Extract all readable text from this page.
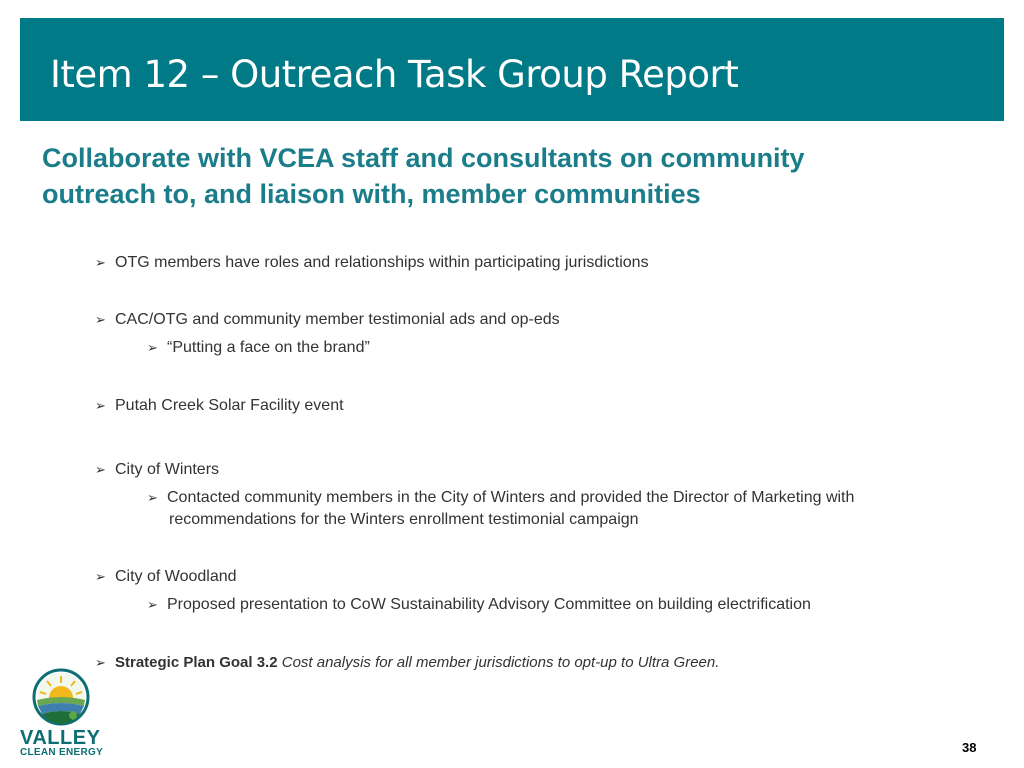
Item 12 – Outreach Task Group Report
Collaborate with VCEA staff and consultants on community
outreach to, and liaison with, member communities
➢ OTG members have roles and relationships within participating jurisdictions
➢ CAC/OTG and community member testimonial ads and op-eds
➢ “Putting a face on the brand”
➢ Putah Creek Solar Facility event
➢ City of Winters
➢ Contacted community members in the City of Winters and provided the Director of Marketing with
recommendations for the Winters enrollment testimonial campaign
➢ City of Woodland
➢ Proposed presentation to CoW Sustainability Advisory Committee on building electrification
➢ Strategic Plan Goal 3.2 Cost analysis for all member jurisdictions to opt-up to Ultra Green.
VALLEY
CLEAN ENERGY	38
